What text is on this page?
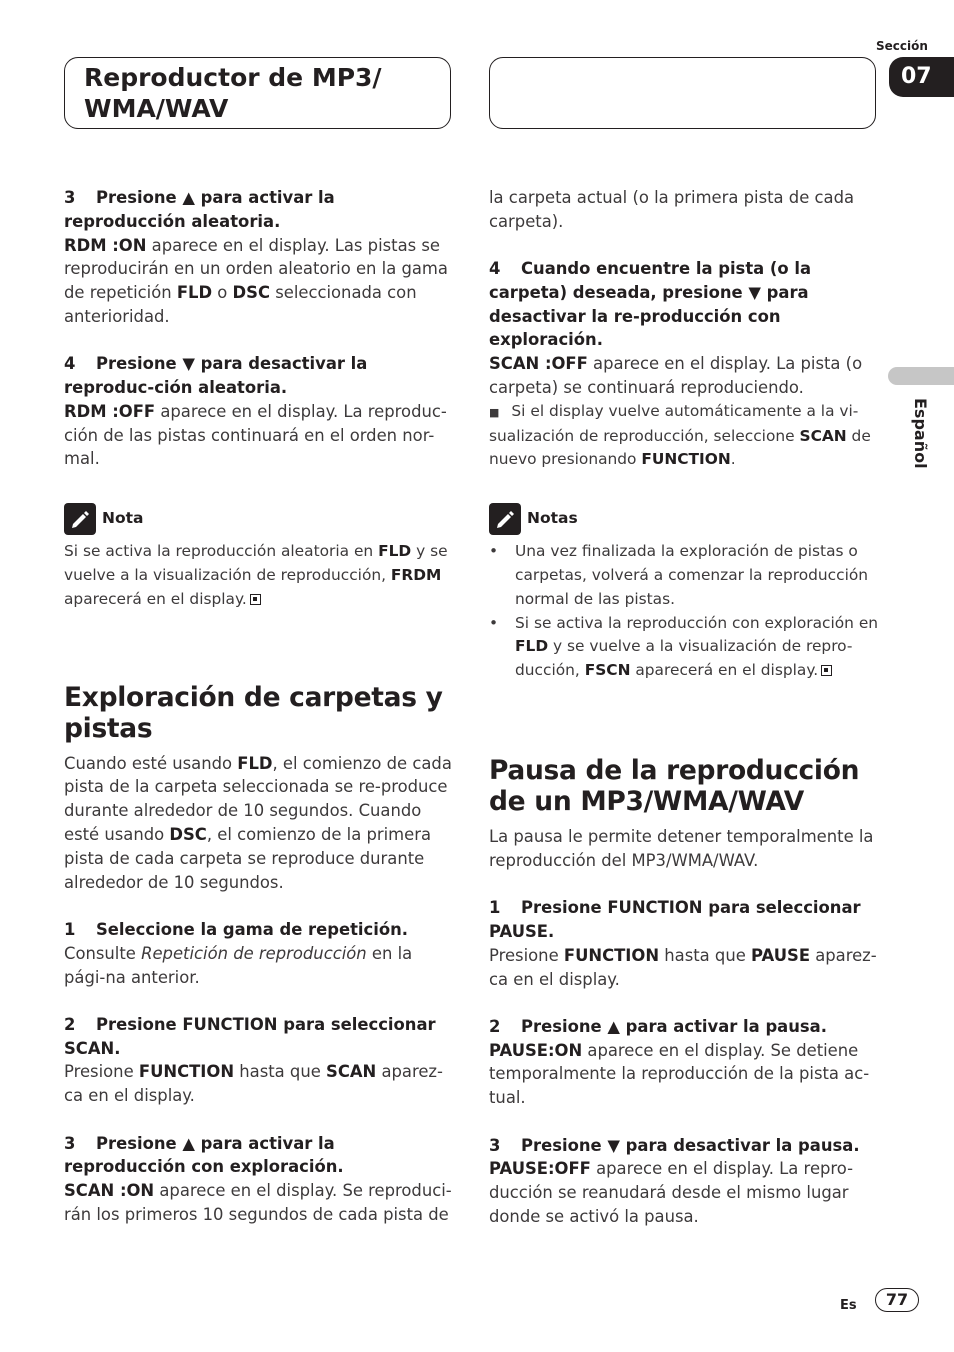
Reproductor de MP3/ WMA/WAV
Sección
07
Español

3 Presione ▲ para activar la reproducción aleatoria.

RDM :ON aparece en el display. Las pistas se reproducirán en un orden aleatorio en la gama de repetición FLD o DSC seleccionada con anterioridad.

4 Presione ▼ para desactivar la reproduc-ción aleatoria.

RDM :OFF aparece en el display. La reproduc-ción de las pistas continuará en el orden nor-mal.

Nota

Si se activa la reproducción aleatoria en FLD y se vuelve a la visualización de reproducción, FRDM aparecerá en el display.

Exploración de carpetas y pistas

Cuando esté usando FLD, el comienzo de cada pista de la carpeta seleccionada se re-produce durante alrededor de 10 segundos. Cuando esté usando DSC, el comienzo de la primera pista de cada carpeta se reproduce durante alrededor de 10 segundos.

1 Seleccione la gama de repetición.

Consulte Repetición de reproducción en la pági-na anterior.

2 Presione FUNCTION para seleccionar SCAN.

Presione FUNCTION hasta que SCAN aparez-ca en el display.

3 Presione ▲ para activar la reproducción con exploración.

SCAN :ON aparece en el display. Se reproduci-rán los primeros 10 segundos de cada pista de

la carpeta actual (o la primera pista de cada carpeta).

4 Cuando encuentre la pista (o la carpeta) deseada, presione ▼ para desactivar la re-producción con exploración.

SCAN :OFF aparece en el display. La pista (o carpeta) se continuará reproduciendo.

■ Si el display vuelve automáticamente a la vi-sualización de reproducción, seleccione SCAN de nuevo presionando FUNCTION.

Notas

• Una vez finalizada la exploración de pistas o carpetas, volverá a comenzar la reproducción normal de las pistas.

• Si se activa la reproducción con exploración en FLD y se vuelve a la visualización de repro-ducción, FSCN aparecerá en el display.

Pausa de la reproducción de un MP3/WMA/WAV

La pausa le permite detener temporalmente la reproducción del MP3/WMA/WAV.

1 Presione FUNCTION para seleccionar PAUSE.

Presione FUNCTION hasta que PAUSE aparez-ca en el display.

2 Presione ▲ para activar la pausa.

PAUSE:ON aparece en el display. Se detiene temporalmente la reproducción de la pista ac-tual.

3 Presione ▼ para desactivar la pausa.

PAUSE:OFF aparece en el display. La repro-ducción se reanudará desde el mismo lugar donde se activó la pausa.

Es	77
